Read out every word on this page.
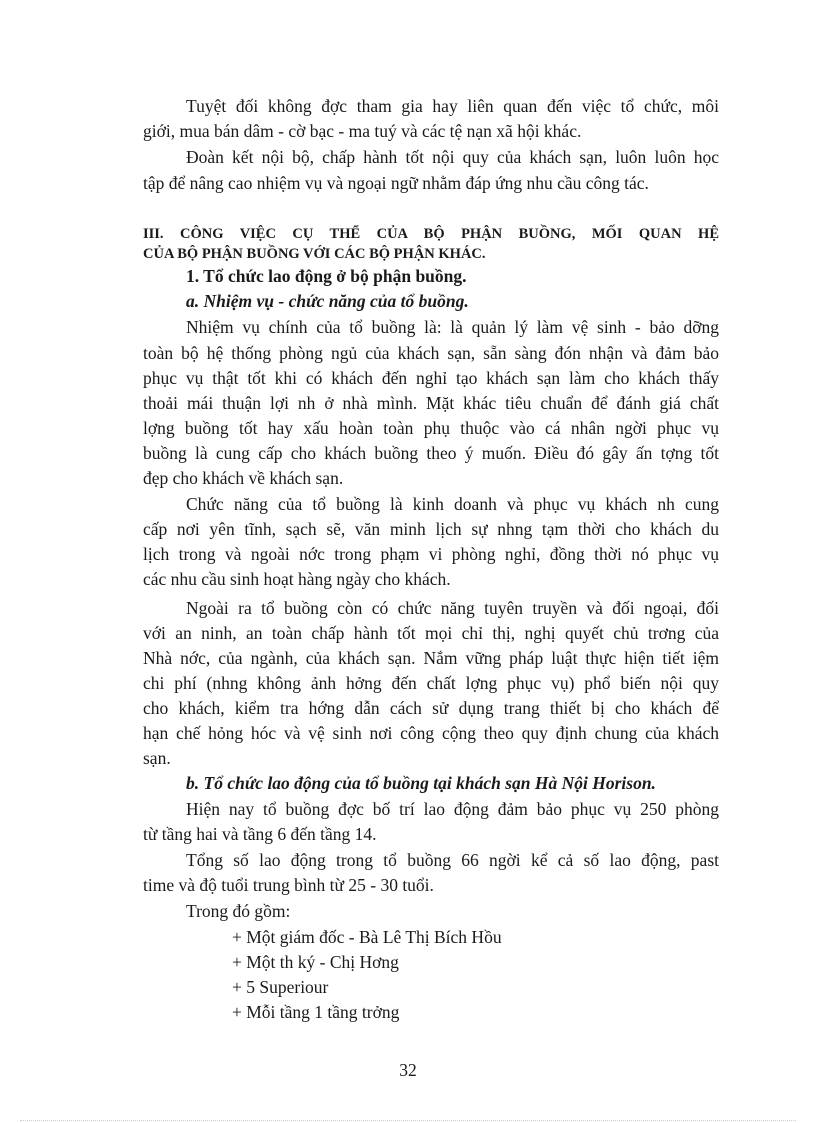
Tuyệt đối không đợc tham gia hay liên quan đến việc tổ chức, môi
giới, mua bán dâm - cờ bạc - ma tuý và các tệ nạn xã hội khác.
Đoàn kết nội bộ, chấp hành tốt nội quy của khách sạn, luôn luôn học
tập để nâng cao nhiệm vụ và ngoại ngữ nhằm đáp ứng nhu cầu công tác.
III. CÔNG VIỆC CỤ THỂ CỦA BỘ PHẬN BUỒNG, MỐI QUAN HỆ
CỦA BỘ PHẬN BUỒNG VỚI CÁC BỘ PHẬN KHÁC.
1. Tổ chức lao động ở bộ phận buồng.
a. Nhiệm vụ - chức năng của tổ buồng.
Nhiệm vụ chính của tổ buồng là: là quản lý làm vệ sinh - bảo dỡng
toàn bộ hệ thống phòng ngủ của khách sạn, sẵn sàng đón nhận và đảm bảo
phục vụ thật tốt khi có khách đến nghỉ tạo khách sạn làm cho khách thấy
thoải mái thuận lợi nh ở nhà mình. Mặt khác tiêu chuẩn để đánh giá chất
lợng buồng tốt hay xấu hoàn toàn phụ thuộc vào cá nhân ngời phục vụ
buồng là cung cấp cho khách buồng theo ý muốn. Điều đó gây ấn tợng tốt
đẹp cho khách về khách sạn.
Chức năng của tổ buồng là kinh doanh và phục vụ khách nh cung
cấp nơi yên tĩnh, sạch sẽ, văn minh lịch sự nhng tạm thời cho khách du
lịch trong và ngoài nớc trong phạm vi phòng nghỉ, đồng thời nó phục vụ
các nhu cầu sinh hoạt hàng ngày cho khách.
Ngoài ra tổ buồng còn có chức năng tuyên truyền và đối ngoại, đối
với an ninh, an toàn chấp hành tốt mọi chỉ thị, nghị quyết chủ trơng của
Nhà nớc, của ngành, của khách sạn. Nắm vững pháp luật thực hiện tiết iệm
chi phí (nhng không ảnh hởng đến chất lợng phục vụ) phổ biến nội quy
cho khách, kiểm tra hớng dẫn cách sử dụng trang thiết bị cho khách để
hạn chế hỏng hóc và vệ sinh nơi công cộng theo quy định chung của khách
sạn.
b. Tổ chức lao động của tổ buồng tại khách sạn Hà Nội Horison.
Hiện nay tổ buồng đợc bố trí lao động đảm bảo phục vụ 250 phòng
từ tầng hai và tầng 6 đến tầng 14.
Tổng số lao động trong tổ buồng 66 ngời kể cả số lao động, past
time và độ tuổi trung bình từ 25 - 30 tuổi.
Trong đó gồm:
+ Một giám đốc - Bà Lê Thị Bích Hồu
+ Một th ký - Chị Hơng
+ 5 Superiour
+ Mỗi tầng 1 tầng trởng
32
